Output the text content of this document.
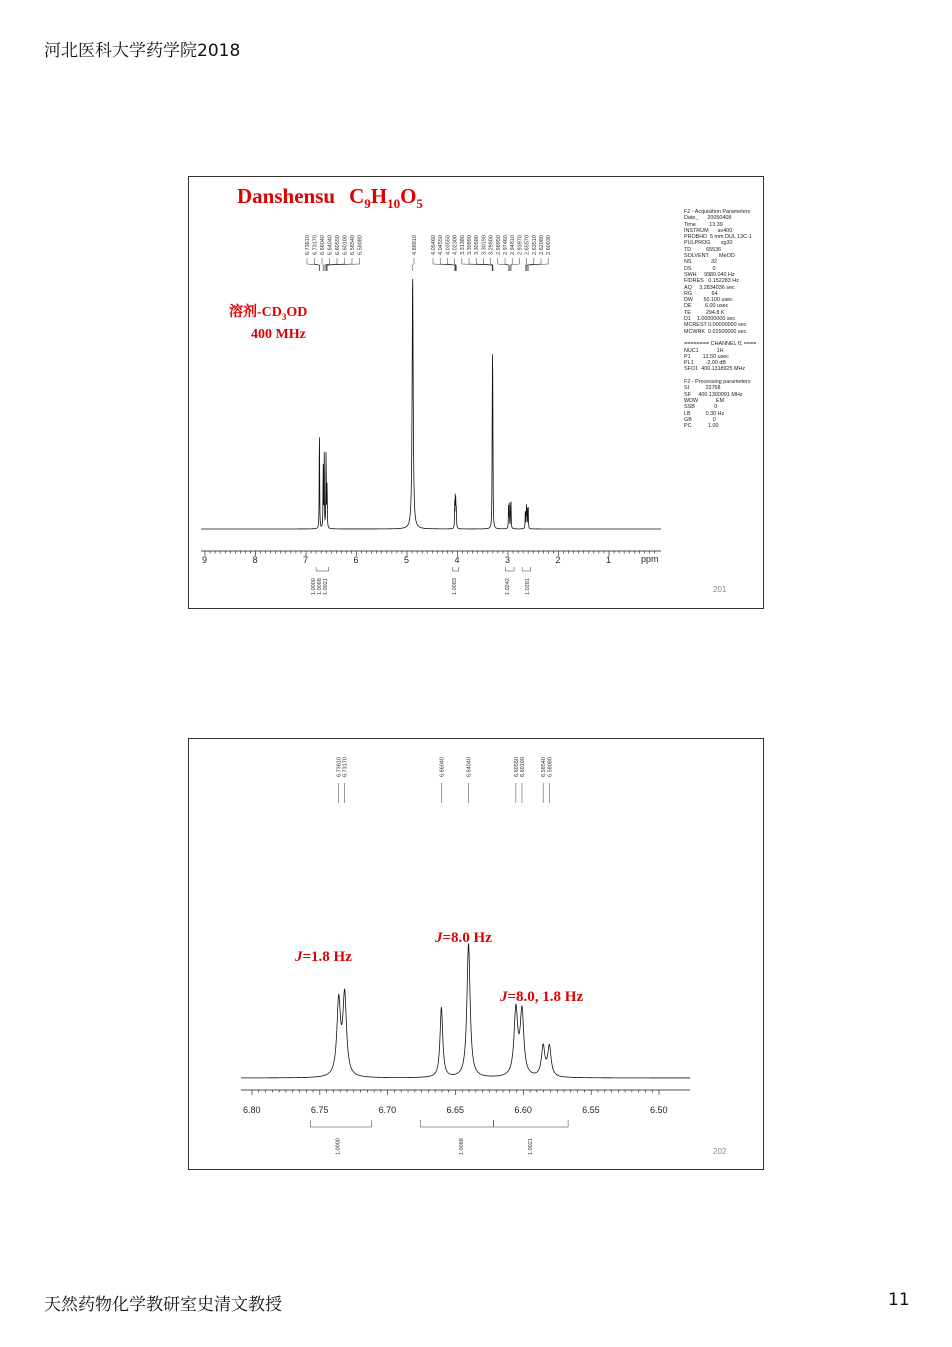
河北医科大学药学院2018
Danshensu $C_9H_{10}O_5$
溶剂$-CD_3OD$
400 MHz
6.73610 6.73170 6.66040 6.64040 6.60550 6.60100 6.58540 6.58080	4.88810 4.05460 4.04550 4.03550 4.02300 3.31380 3.30990 3.30580 3.30190 3.29800 2.98950 2.97460 2.94810 2.93970 2.65570 2.63510 2.62080 2.60030
9	8	7	6	5	4	3	2	1	ppm
1.0000 1.0068 1.0021	1.0083	1.0242	1.0281	201
F2 - Acquisition Parameters
Date_      20050408
Time         13.39
INSTRUM      av400
PROBHD  5 mm DUL 13C-1
PULPROG       zg30
TD          65536
SOLVENT       MeOD
NS             32
DS              0
SWH     9980.040 Hz
FIDRES   0.152283 Hz
AQ     3.2834036 sec
RG             64
DW       50.100 usec
DE         6.00 usec
TE          294.8 K
D1    1.00000000 sec
MCREST 0.00000000 sec
MCWRK  0.01500000 sec

======== CHANNEL f1 ====
NUC1            1H
P1        12.50 usec
PL1        -2.00 dB
SFO1  400.1318925 MHz

F2 - Processing parameters
SI           32768
SF     400.1300091 MHz
WDW            EM
SSB             0
LB          0.30 Hz
GB              0
PC           1.00
6.73610 6.73170	6.66040	6.64040	6.60550 6.60100	6.58540 6.58080
J=1.8 Hz
J=8.0 Hz
J=8.0, 1.8 Hz
6.80	6.75	6.70	6.65	6.60	6.55	6.50
1.0000	1.0068	1.0021	202
天然药物化学教研室史清文教授	11
